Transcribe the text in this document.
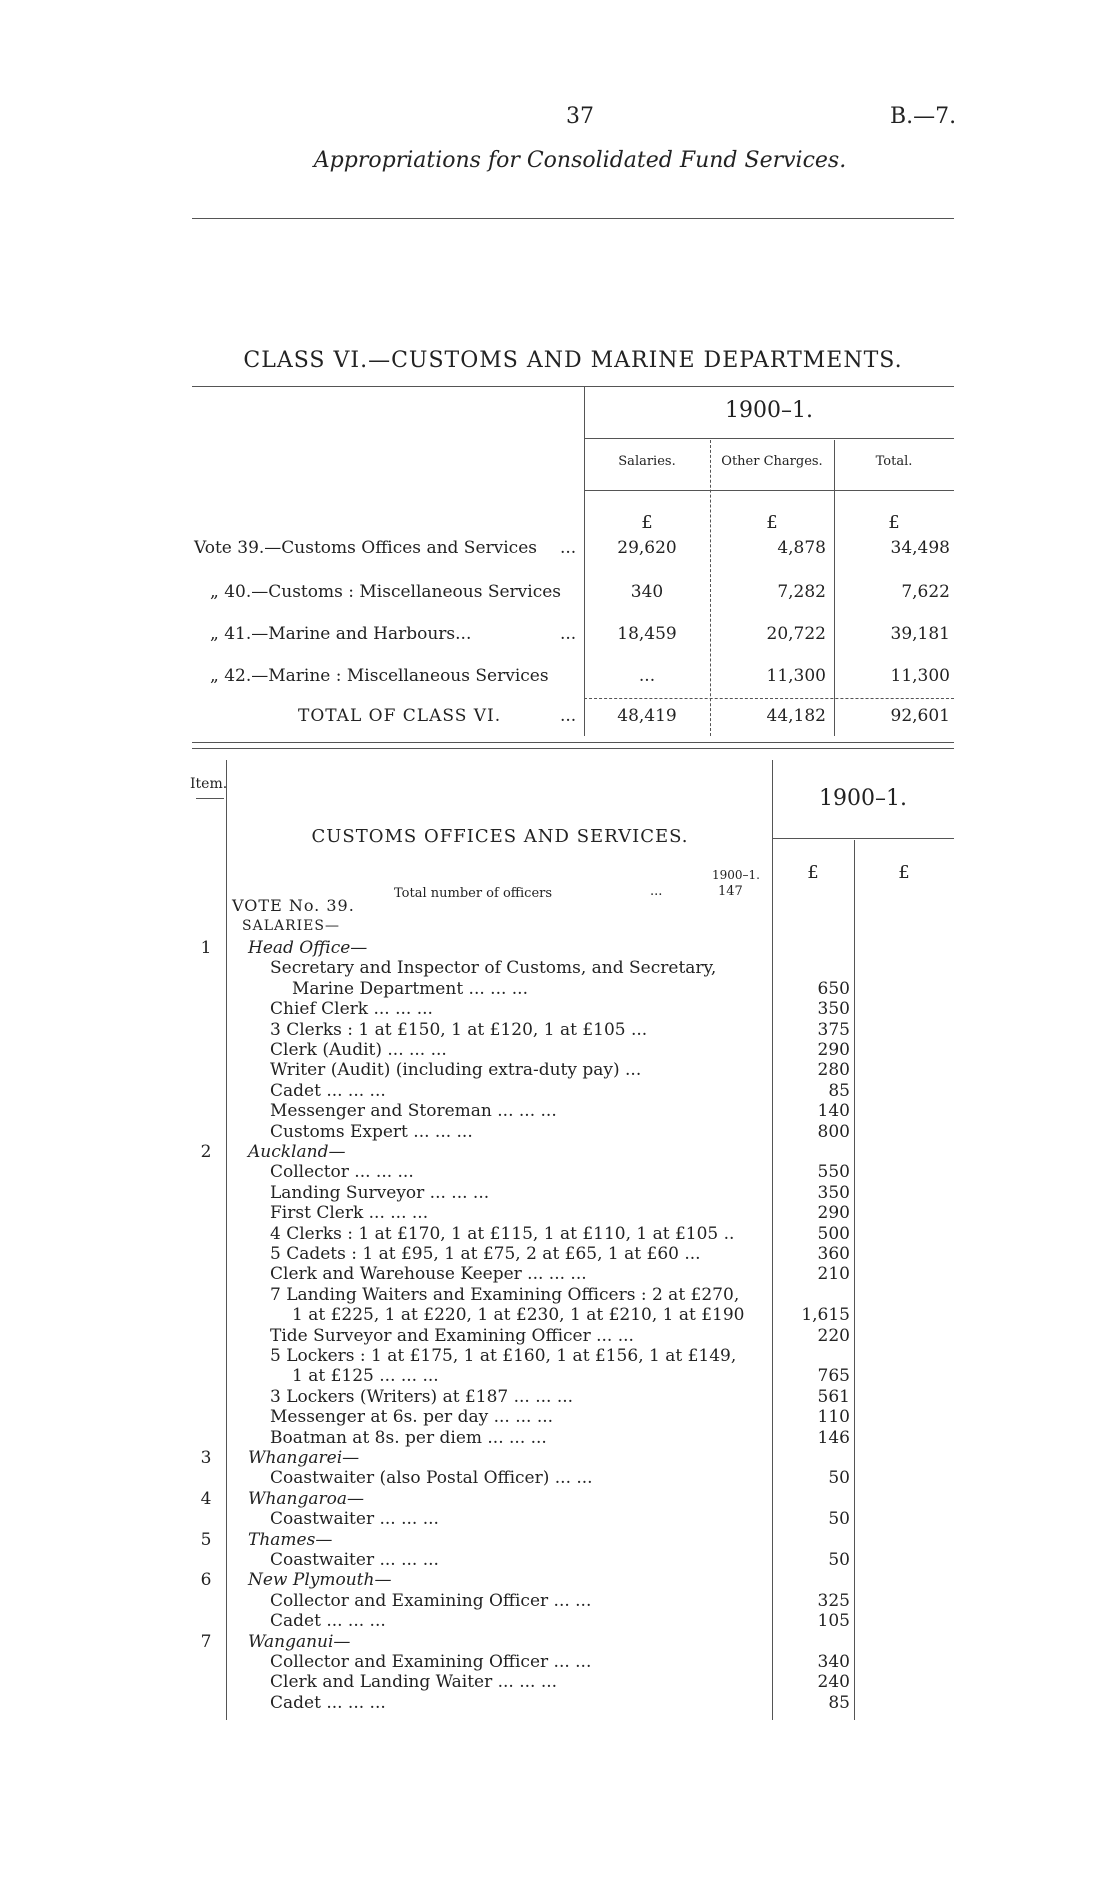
37	B.—7.
Appropriations for Consolidated Fund Services.
CLASS VI.—CUSTOMS AND MARINE DEPARTMENTS.
1900–1.
Salaries.	Other Charges.	Total.
£	£	£
Vote 39.—Customs Offices and Services ...	29,620	4,878	34,498
„ 40.—Customs : Miscellaneous Services	340	7,282	7,622
„ 41.—Marine and Harbours...	...	18,459	20,722	39,181
„ 42.—Marine : Miscellaneous Services	...	11,300	11,300
TOTAL OF CLASS VI.	...	48,419	44,182	92,601
Item.
1900–1.
CUSTOMS OFFICES AND SERVICES.
1900–1.
Total number of officers	...	147
£	£
VOTE No. 39.
SALARIES—
1	Head Office—
Secretary and Inspector of Customs, and Secretary,
Marine Department ... ... ...	650
Chief Clerk ... ... ...	350
3 Clerks : 1 at £150, 1 at £120, 1 at £105 ...	375
Clerk (Audit) ... ... ...	290
Writer (Audit) (including extra-duty pay) ...	280
Cadet ... ... ...	85
Messenger and Storeman ... ... ...	140
Customs Expert ... ... ...	800
2	Auckland—
Collector ... ... ...	550
Landing Surveyor ... ... ...	350
First Clerk ... ... ...	290
4 Clerks : 1 at £170, 1 at £115, 1 at £110, 1 at £105 ..	500
5 Cadets : 1 at £95, 1 at £75, 2 at £65, 1 at £60 ...	360
Clerk and Warehouse Keeper ... ... ...	210
7 Landing Waiters and Examining Officers : 2 at £270,
1 at £225, 1 at £220, 1 at £230, 1 at £210, 1 at £190	1,615
Tide Surveyor and Examining Officer ... ...	220
5 Lockers : 1 at £175, 1 at £160, 1 at £156, 1 at £149,
1 at £125 ... ... ...	765
3 Lockers (Writers) at £187 ... ... ...	561
Messenger at 6s. per day ... ... ...	110
Boatman at 8s. per diem ... ... ...	146
3	Whangarei—
Coastwaiter (also Postal Officer) ... ...	50
4	Whangaroa—
Coastwaiter ... ... ...	50
5	Thames—
Coastwaiter ... ... ...	50
6	New Plymouth—
Collector and Examining Officer ... ...	325
Cadet ... ... ...	105
7	Wanganui—
Collector and Examining Officer ... ...	340
Clerk and Landing Waiter ... ... ...	240
Cadet ... ... ...	85
